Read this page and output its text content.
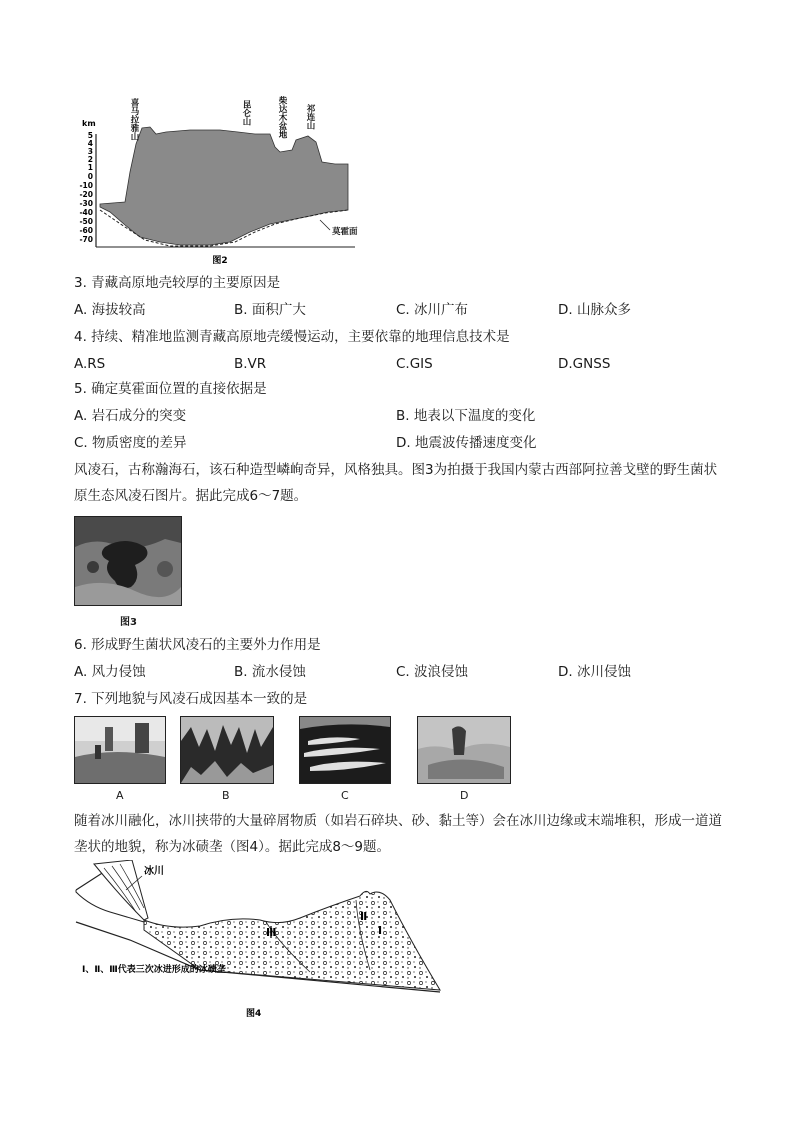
km
5
4
3
2
1
0
-10
-20
-30
-40
-50
-60
-70
喜马拉雅山	昆仑山	柴达木盆地 祁连山
莫霍面
图2
3. 青藏高原地壳较厚的主要原因是
A. 海拔较高	B. 面积广大	C. 冰川广布	D. 山脉众多
4. 持续、精准地监测青藏高原地壳缓慢运动，主要依靠的地理信息技术是
A.RS	B.VR	C.GIS	D.GNSS
5. 确定莫霍面位置的直接依据是
A. 岩石成分的突变	B. 地表以下温度的变化
C. 物质密度的差异	D. 地震波传播速度变化
风凌石，古称瀚海石，该石种造型嶙峋奇异，风格独具。图3为拍摄于我国内蒙古西部阿拉善戈壁的野生菌状原生态风凌石图片。据此完成6～7题。
图3
6. 形成野生菌状风凌石的主要外力作用是
A. 风力侵蚀	B. 流水侵蚀	C. 波浪侵蚀	D. 冰川侵蚀
7. 下列地貌与风凌石成因基本一致的是
A	B	C	D
随着冰川融化，冰川挟带的大量碎屑物质（如岩石碎块、砂、黏土等）会在冰川边缘或末端堆积，形成一道道垄状的地貌，称为冰碛垄（图4）。据此完成8～9题。
冰川
Ⅰ
Ⅱ
Ⅲ
Ⅰ、Ⅱ、Ⅲ代表三次冰进形成的冰碛垄
图4
